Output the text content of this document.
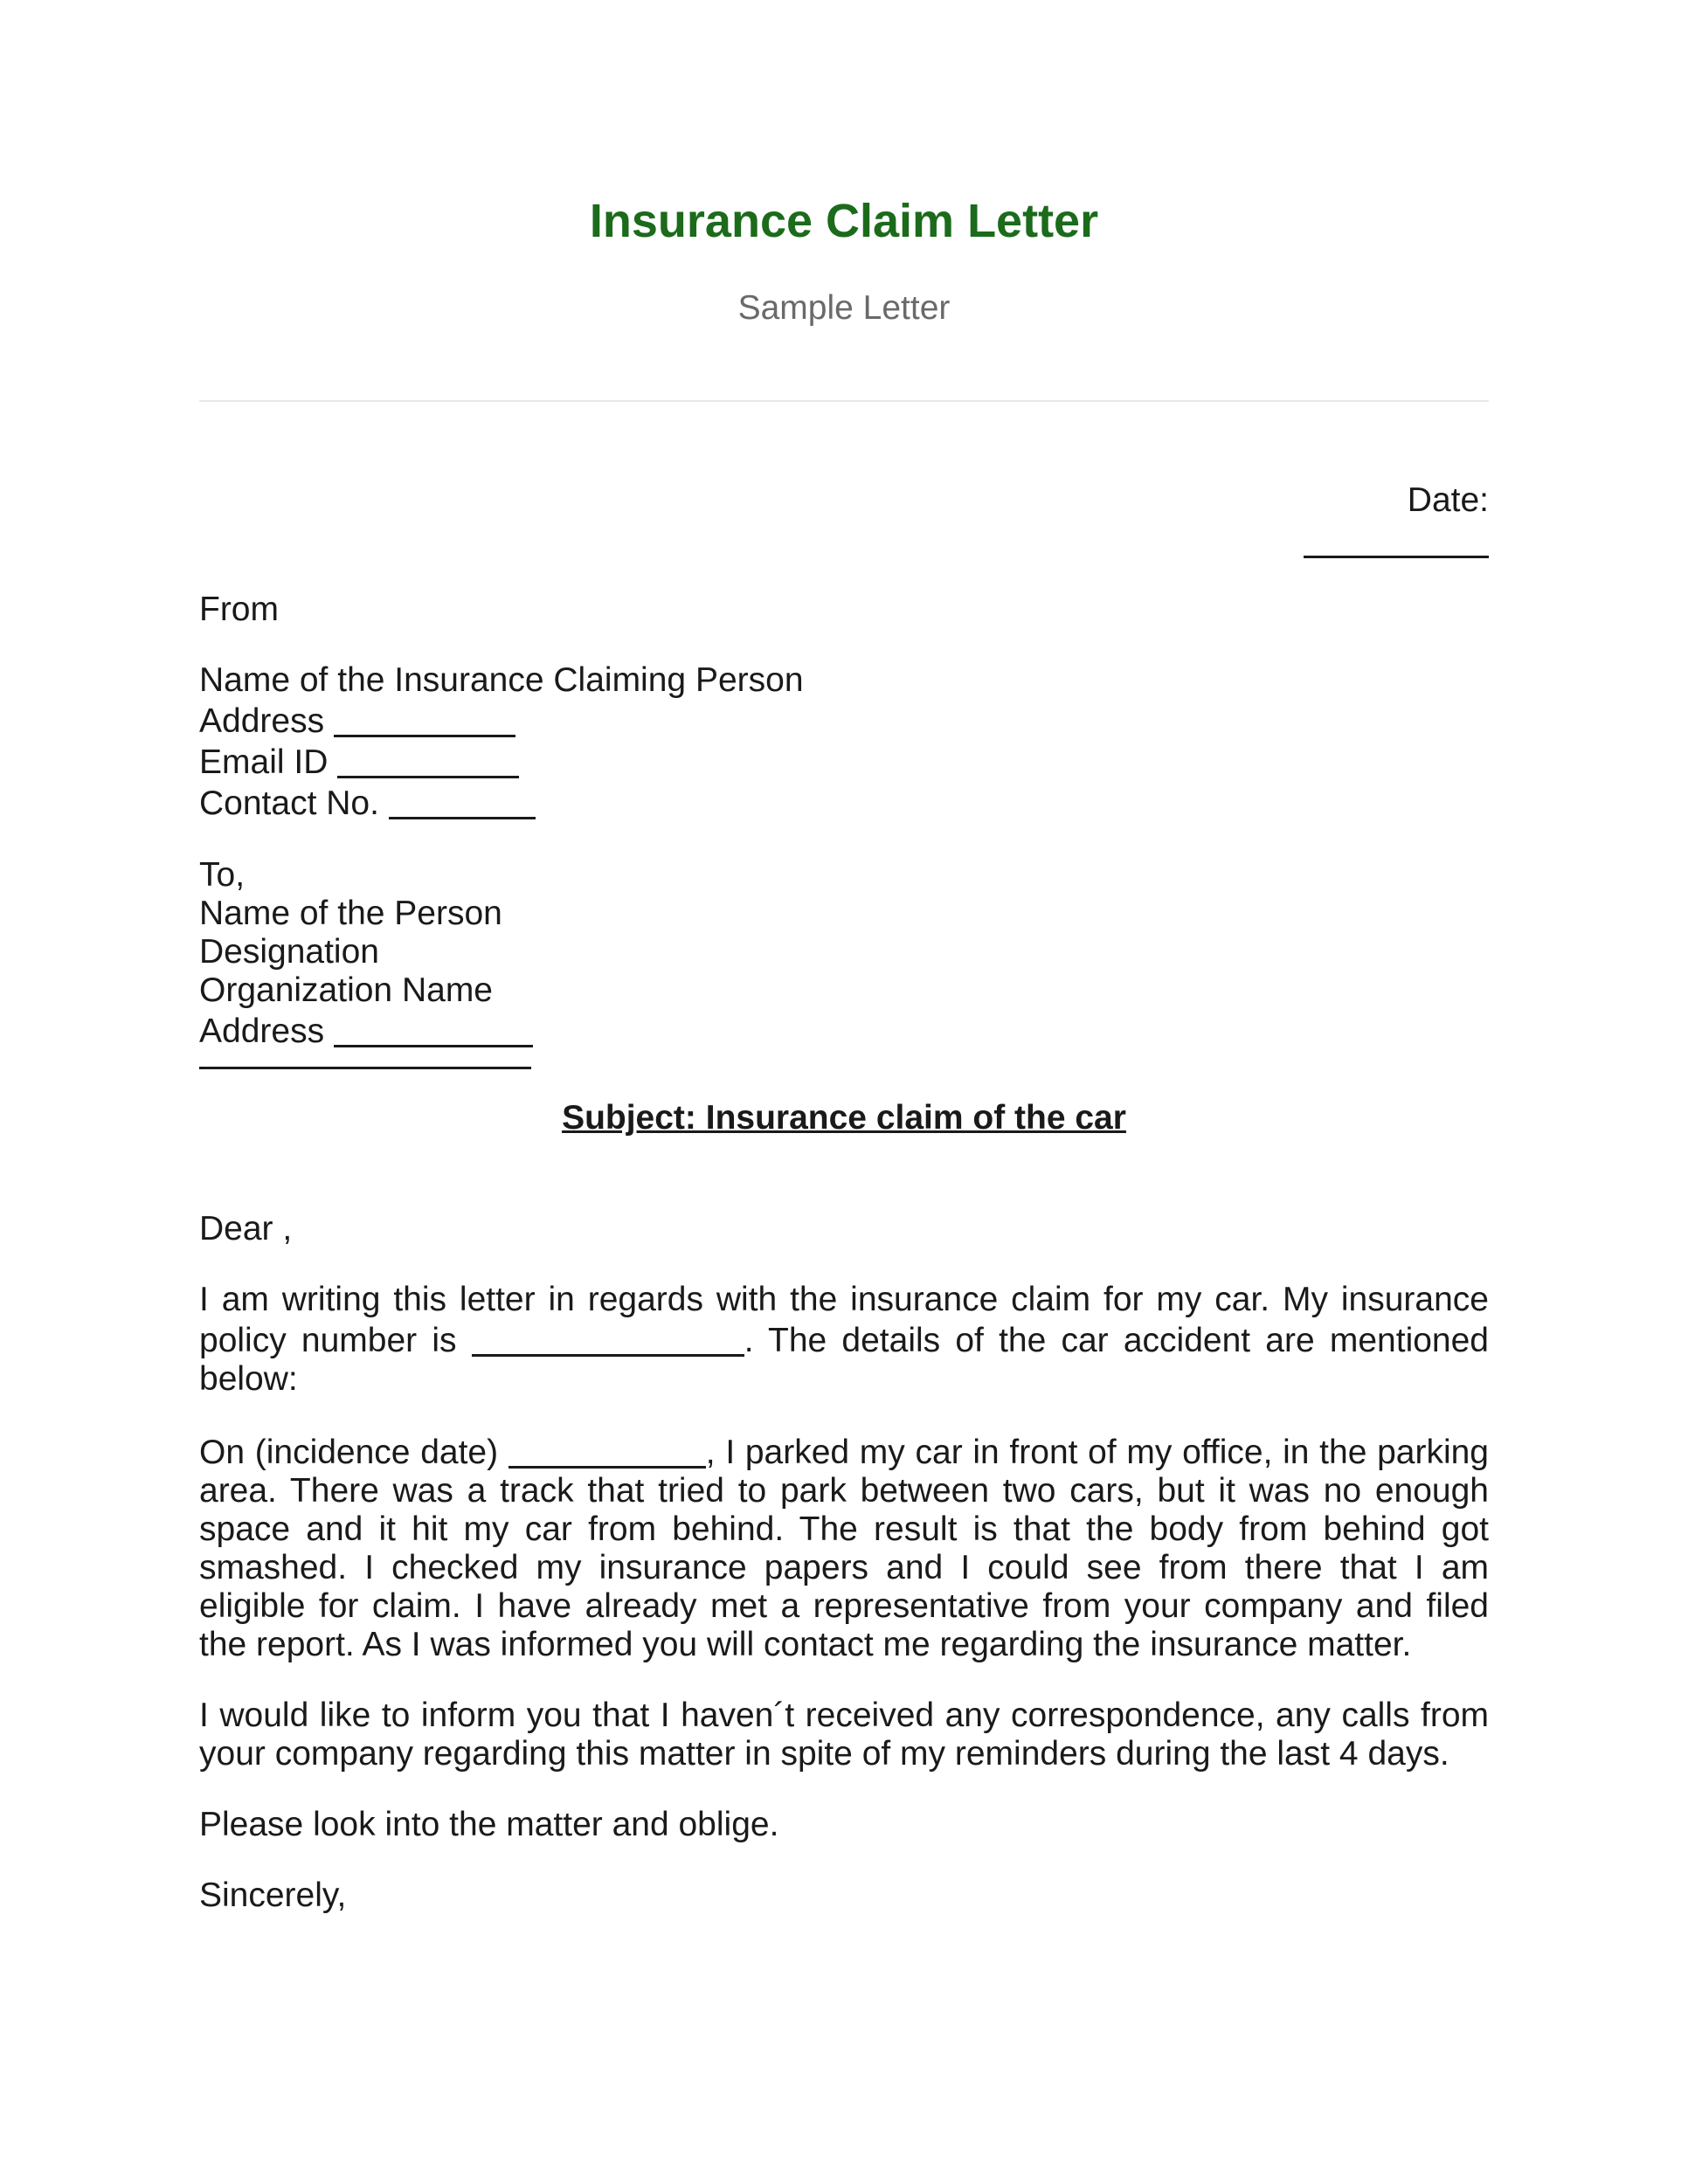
Insurance Claim Letter
Sample Letter
Date:

From

Name of the Insurance Claiming Person

Address

Email ID

Contact No.

To,

Name of the Person

Designation

Organization Name

Address

Subject: Insurance claim of the car

Dear ,

I am writing this letter in regards with the insurance claim for my car. My insurance policy number is	. The details of the car accident are mentioned below:

On (incidence date)	, I parked my car in front of my office, in the parking area. There was a track that tried to park between two cars, but it was no enough space and it hit my car from behind. The result is that the body from behind got smashed. I checked my insurance papers and I could see from there that I am eligible for claim. I have already met a representative from your company and filed the report. As I was informed you will contact me regarding the insurance matter.

I would like to inform you that I haven´t received any correspondence, any calls from your company regarding this matter in spite of my reminders during the last 4 days.

Please look into the matter and oblige.

Sincerely,
